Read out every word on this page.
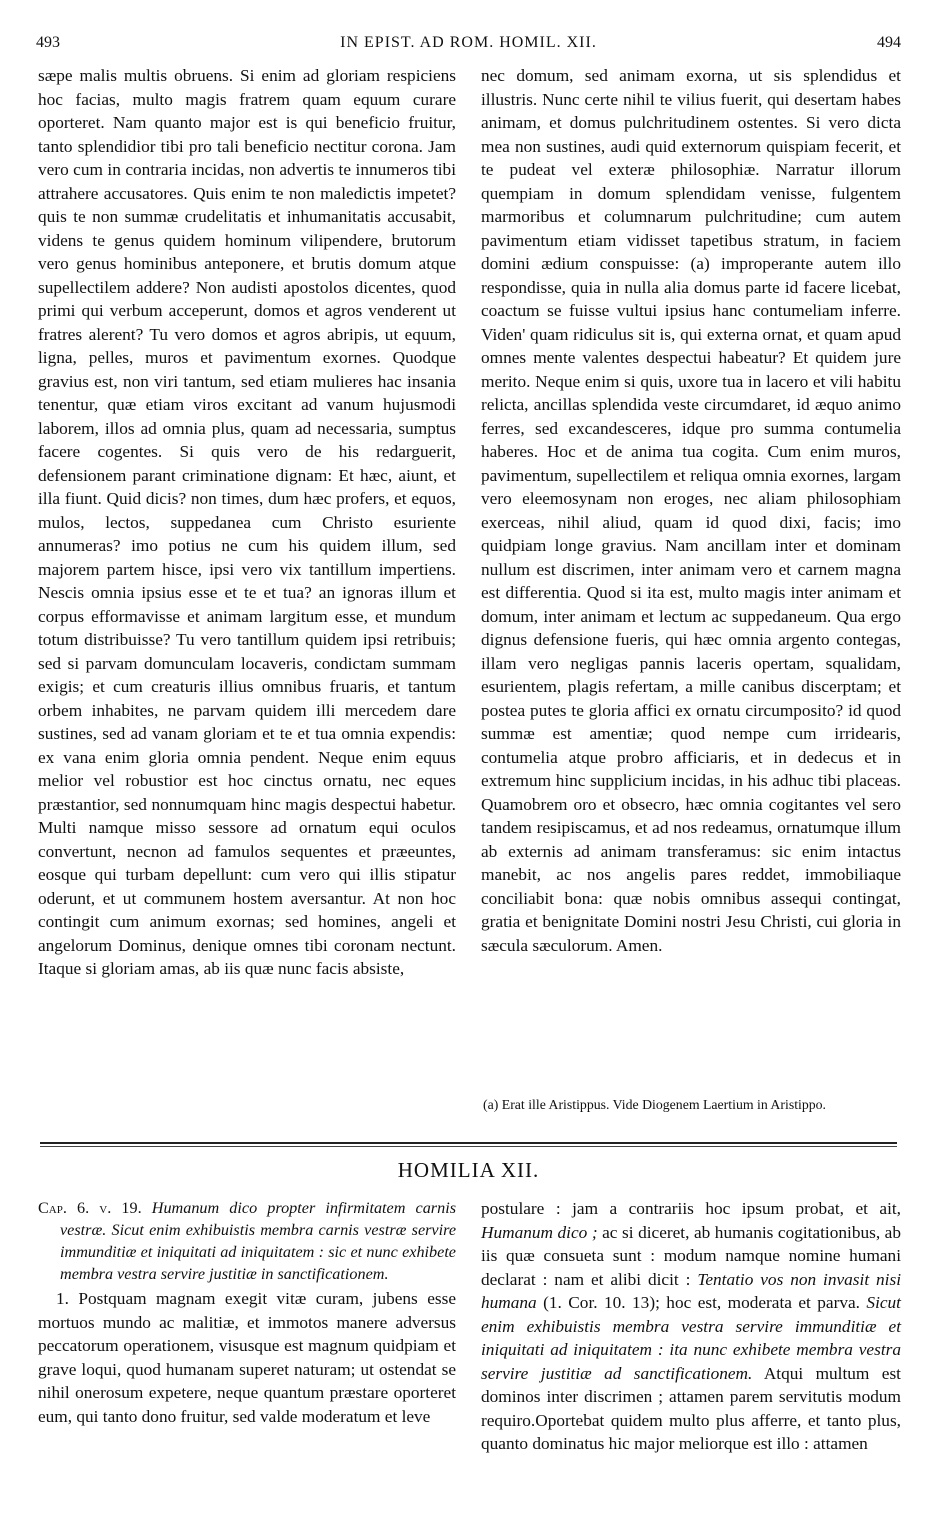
493	IN EPIST. AD ROM. HOMIL. XII.	494

sæpe malis multis obruens. Si enim ad gloriam respiciens hoc facias, multo magis fratrem quam equum curare oporteret. Nam quanto major est is qui beneficio fruitur, tanto splendidior tibi pro tali beneficio nectitur corona. Jam vero cum in contraria incidas, non advertis te innumeros tibi attrahere accusatores. Quis enim te non maledictis impetet? quis te non summæ crudelitatis et inhumanitatis accusabit, videns te genus quidem hominum vilipendere, brutorum vero genus hominibus anteponere, et brutis domum atque supellectilem addere? Non audisti apostolos dicentes, quod primi qui verbum acceperunt, domos et agros venderent ut fratres alerent? Tu vero domos et agros abripis, ut equum, ligna, pelles, muros et pavimentum exornes. Quodque gravius est, non viri tantum, sed etiam mulieres hac insania tenentur, quæ etiam viros excitant ad vanum hujusmodi laborem, illos ad omnia plus, quam ad necessaria, sumptus facere cogentes. Si quis vero de his redarguerit, defensionem parant criminatione dignam: Et hæc, aiunt, et illa fiunt. Quid dicis? non times, dum hæc profers, et equos, mulos, lectos, suppedanea cum Christo esuriente annumeras? imo potius ne cum his quidem illum, sed majorem partem hisce, ipsi vero vix tantillum impertiens. Nescis omnia ipsius esse et te et tua? an ignoras illum et corpus efformavisse et animam largitum esse, et mundum totum distribuisse? Tu vero tantillum quidem ipsi retribuis; sed si parvam domunculam locaveris, condictam summam exigis; et cum creaturis illius omnibus fruaris, et tantum orbem inhabites, ne parvam quidem illi mercedem dare sustines, sed ad vanam gloriam et te et tua omnia expendis: ex vana enim gloria omnia pendent. Neque enim equus melior vel robustior est hoc cinctus ornatu, nec eques præstantior, sed nonnumquam hinc magis despectui habetur. Multi namque misso sessore ad ornatum equi oculos convertunt, necnon ad famulos sequentes et præeuntes, eosque qui turbam depellunt: cum vero qui illis stipatur oderunt, et ut communem hostem aversantur. At non hoc contingit cum animum exornas; sed homines, angeli et angelorum Dominus, denique omnes tibi coronam nectunt. Itaque si gloriam amas, ab iis quæ nunc facis absiste,

nec domum, sed animam exorna, ut sis splendidus et illustris. Nunc certe nihil te vilius fuerit, qui desertam habes animam, et domus pulchritudinem ostentes. Si vero dicta mea non sustines, audi quid externorum quispiam fecerit, et te pudeat vel exteræ philosophiæ. Narratur illorum quempiam in domum splendidam venisse, fulgentem marmoribus et columnarum pulchritudine; cum autem pavimentum etiam vidisset tapetibus stratum, in faciem domini ædium conspuisse: (a) improperante autem illo respondisse, quia in nulla alia domus parte id facere licebat, coactum se fuisse vultui ipsius hanc contumeliam inferre. Viden' quam ridiculus sit is, qui externa ornat, et quam apud omnes mente valentes despectui habeatur? Et quidem jure merito. Neque enim si quis, uxore tua in lacero et vili habitu relicta, ancillas splendida veste circumdaret, id æquo animo ferres, sed excandesceres, idque pro summa contumelia haberes. Hoc et de anima tua cogita. Cum enim muros, pavimentum, supellectilem et reliqua omnia exornes, largam vero eleemosynam non eroges, nec aliam philosophiam exerceas, nihil aliud, quam id quod dixi, facis; imo quidpiam longe gravius. Nam ancillam inter et dominam nullum est discrimen, inter animam vero et carnem magna est differentia. Quod si ita est, multo magis inter animam et domum, inter animam et lectum ac suppedaneum. Qua ergo dignus defensione fueris, qui hæc omnia argento contegas, illam vero negligas pannis laceris opertam, squalidam, esurientem, plagis refertam, a mille canibus discerptam; et postea putes te gloria affici ex ornatu circumposito? id quod summæ est amentiæ; quod nempe cum irridearis, contumelia atque probro afficiaris, et in dedecus et in extremum hinc supplicium incidas, in his adhuc tibi placeas. Quamobrem oro et obsecro, hæc omnia cogitantes vel sero tandem resipiscamus, et ad nos redeamus, ornatumque illum ab externis ad animam transferamus: sic enim intactus manebit, ac nos angelis pares reddet, immobiliaque conciliabit bona: quæ nobis omnibus assequi contingat, gratia et benignitate Domini nostri Jesu Christi, cui gloria in sæcula sæculorum. Amen.

(a) Erat ille Aristippus. Vide Diogenem Laertium in Aristippo.
HOMILIA XII.

Cap. 6. v. 19. Humanum dico propter infirmitatem carnis vestræ. Sicut enim exhibuistis membra carnis vestræ servire immunditiæ et iniquitati ad iniquitatem : sic et nunc exhibete membra vestra servire justitiæ in sanctificationem.

1. Postquam magnam exegit vitæ curam, jubens esse mortuos mundo ac malitiæ, et immotos manere adversus peccatorum operationem, visusque est magnum quidpiam et grave loqui, quod humanam superet naturam; ut ostendat se nihil onerosum expetere, neque quantum præstare oporteret eum, qui tanto dono fruitur, sed valde moderatum et leve

postulare : jam a contrariis hoc ipsum probat, et ait, Humanum dico ; ac si diceret, ab humanis cogitationibus, ab iis quæ consueta sunt : modum namque nomine humani declarat : nam et alibi dicit : Tentatio vos non invasit nisi humana (1. Cor. 10. 13); hoc est, moderata et parva. Sicut enim exhibuistis membra vestra servire immunditiæ et iniquitati ad iniquitatem : ita nunc exhibete membra vestra servire justitiæ ad sanctificationem. Atqui multum est dominos inter discrimen ; attamen parem servitutis modum requiro.Oportebat quidem multo plus afferre, et tanto plus, quanto dominatus hic major meliorque est illo : attamen
